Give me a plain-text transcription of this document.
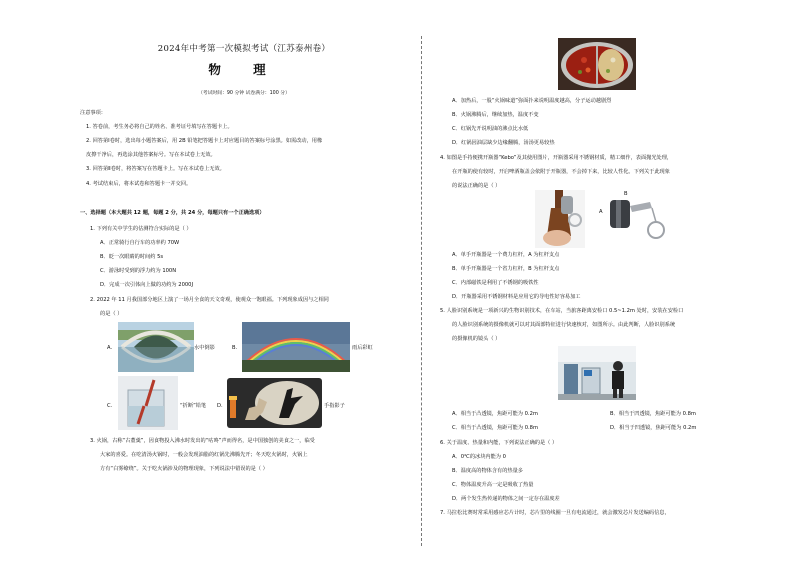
2024年中考第一次模拟考试（江苏泰州卷）
物 理
（考试时间：90 分钟 试卷满分：100 分）
注意事项：
1. 答卷前，考生务必将自己的姓名、准考证号填写在答题卡上。
2. 回答第Ⅰ卷时，选出每小题答案后，用 2B 铅笔把答题卡上对应题目的答案标号涂黑。如需改动，用橡
皮擦干净后，再选涂其他答案标号。写在本试卷上无效。
3. 回答第Ⅱ卷时，将答案写在答题卡上。写在本试卷上无效。
4. 考试结束后，将本试卷和答题卡一并交回。
一、选择题（本大题共 12 题，每题 2 分，共 24 分，每题只有一个正确选项）
1. 下列有关中学生的估测符合实际的是（ ）
A．正常骑行自行车的功率约 70W
B．眨一次眼睛的时间约 5s
C．游泳时受到的浮力约为 100N
D．完成一次引体向上做的功约为 2000J
2. 2022 年 11 月我国部分地区上演了一场月全食的天文奇观，使观众一饱眼福。下列现象成因与之相同
的是（ ）
A.	水中倒影	B.	雨后彩虹
C.	“折断”铅笔 D.	手指影子
3. 火锅，古称“古董羹”，因食物投入沸水时发出的“咕咚”声而得名，是中国独创的美食之一，临受
大家的喜爱。在吃清汤火锅时，一般会发现油脂的红锅先沸腾先开；冬天吃火锅时，火锅上
方有“白雾缭绕”。关于吃火锅涉及的物理现象，下列说法中错误的是（ ）
A．加热后，一股“火锅味道”弥面扑来说明温度越高，分子运动越剧烈
B．火锅沸腾后，继续加热，温度不变
C．红锅先开说明油的沸点比水低
D．红锅因油层缺少边缘翻腾，汤汤更易较热
4. 如图是手持便携开瓶器“Kebo”及其使用图片，开瓶器采用不锈钢材质，精工细作，表面抛光处理，
在开瓶的使有较时，开启啤酒瓶盖会依附于开瓶器，不会掉下来，比较人性化。下列关于此现象
的说法正确的是（ ）
A
B
A．单手开瓶器是一个费力杠杆，A 为杠杆支点
B．单手开瓶器是一个省力杠杆，B 为杠杆支点
C．内部磁铁是利用了不锈钢的吸铁性
D．开瓶器采用不锈钢材料是应用它的导电性好容易加工
5. 人脸识别系统是一项新兴的生物识别技术，在车站，当旅客距离安检口 0.5~1.2m 处时，安装在安检口
的人脸识别系统的摄像机就可以对其面部特征进行快速核对，如图所示。由此判断，人脸识别系统
的摄像机的镜头（ ）
A．相当于凸透镜，焦距可能为 0.2m	B．相当于凹透镜，焦距可能为 0.8m
C．相当于凸透镜，焦距可能为 0.8m	D．相当于凹透镜，焦距可能为 0.2m
6. 关于温度、热量和内能，下列说法正确的是（ ）
A．0℃的冰块内能为 0
B．温度高的物体含有的热量多
C．物体温度升高一定是吸收了热量
D．两个发生热传递的物体之间一定存在温度差
7. 马拉松比赛时常采用感应芯片计时，芯片里的线圈一旦有电流通过，就会激发芯片发送编码信息，
